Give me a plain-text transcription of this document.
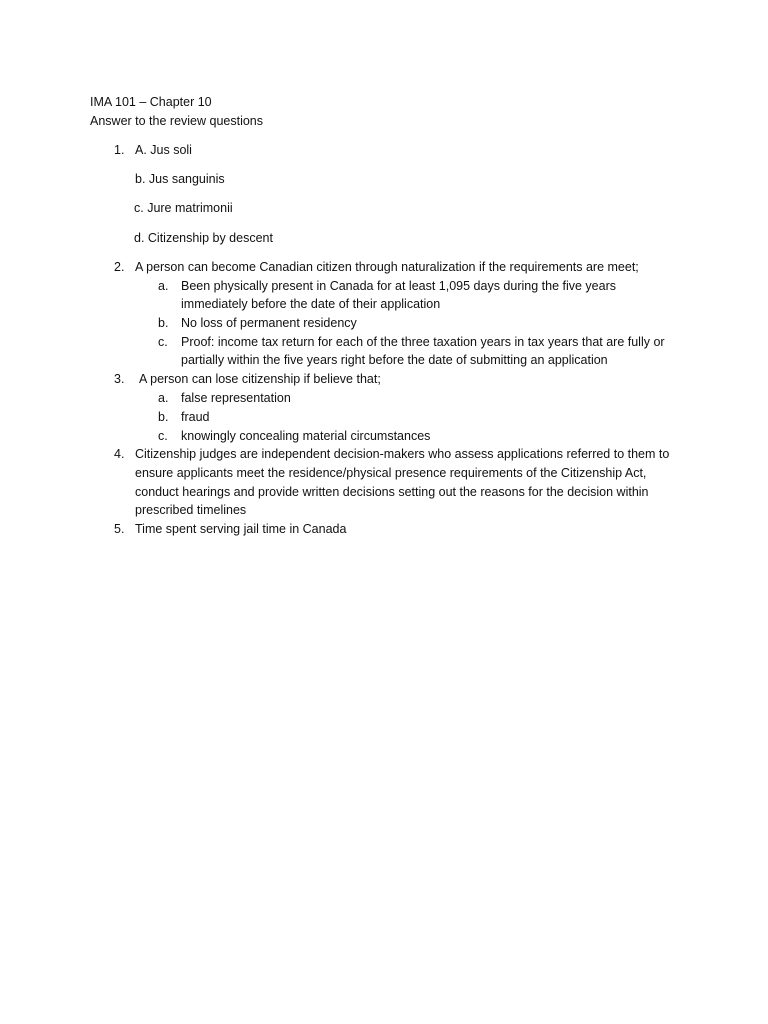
IMA 101 – Chapter 10
Answer to the review questions
1. A. Jus soli
b. Jus sanguinis
c. Jure matrimonii
d. Citizenship by descent
2. A person can become Canadian citizen through naturalization if the requirements are meet;
a. Been physically present in Canada for at least 1,095 days during the five years
immediately before the date of their application
b. No loss of permanent residency
c. Proof: income tax return for each of the three taxation years in tax years that are fully or
partially within the five years right before the date of submitting an application
3. A person can lose citizenship if believe that;
a. false representation
b. fraud
c. knowingly concealing material circumstances
4. Citizenship judges are independent decision-makers who assess applications referred to them to
ensure applicants meet the residence/physical presence requirements of the Citizenship Act,
conduct hearings and provide written decisions setting out the reasons for the decision within
prescribed timelines
5. Time spent serving jail time in Canada
